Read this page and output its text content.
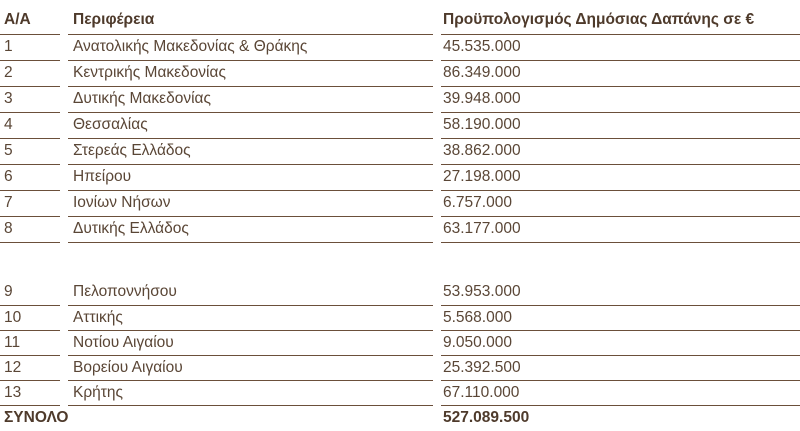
Α/Α	Περιφέρεια	Προϋπολογισμός Δημόσιας Δαπάνης σε €
1	Ανατολικής Μακεδονίας & Θράκης	45.535.000
2	Κεντρικής Μακεδονίας	86.349.000
3	Δυτικής Μακεδονίας	39.948.000
4	Θεσσαλίας	58.190.000
5	Στερεάς Ελλάδος	38.862.000
6	Ηπείρου	27.198.000
7	Ιονίων Νήσων	6.757.000
8	Δυτικής Ελλάδος	63.177.000
9	Πελοποννήσου	53.953.000
10	Αττικής	5.568.000
11	Νοτίου Αιγαίου	9.050.000
12	Βορείου Αιγαίου	25.392.500
13	Κρήτης	67.110.000
ΣΥΝΟΛΟ	527.089.500
